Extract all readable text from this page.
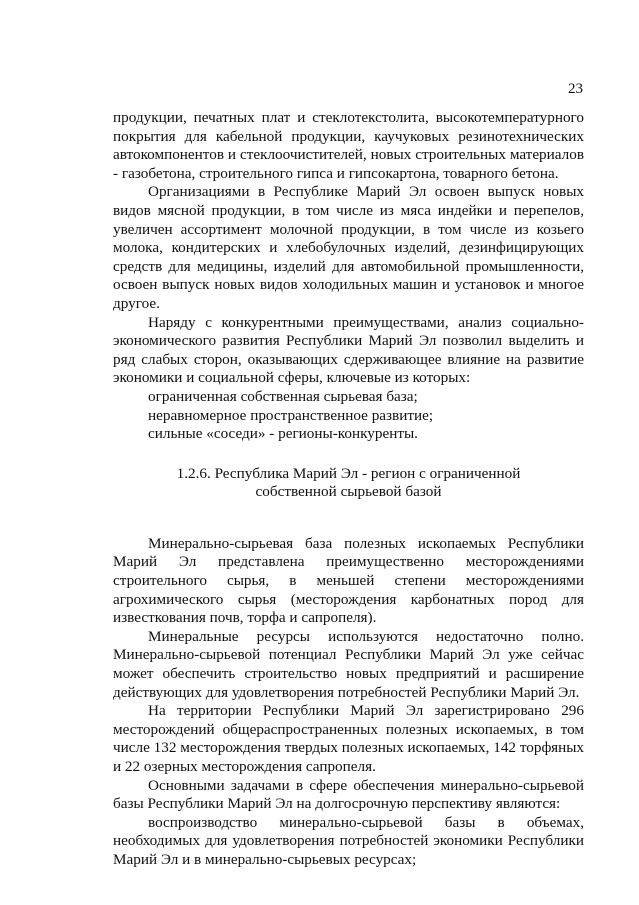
23

продукции, печатных плат и стеклотекстолита, высокотемпературного покрытия для кабельной продукции, каучуковых резинотехнических автокомпонентов и стеклоочистителей, новых строительных материалов - газобетона, строительного гипса и гипсокартона, товарного бетона.

Организациями в Республике Марий Эл освоен выпуск новых видов мясной продукции, в том числе из мяса индейки и перепелов, увеличен ассортимент молочной продукции, в том числе из козьего молока, кондитерских и хлебобулочных изделий, дезинфицирующих средств для медицины, изделий для автомобильной промышленности, освоен выпуск новых видов холодильных машин и установок и многое другое.

Наряду с конкурентными преимуществами, анализ социально-экономического развития Республики Марий Эл позволил выделить и ряд слабых сторон, оказывающих сдерживающее влияние на развитие экономики и социальной сферы, ключевые из которых:

ограниченная собственная сырьевая база;

неравномерное пространственное развитие;

сильные «соседи» - регионы-конкуренты.

1.2.6. Республика Марий Эл - регион с ограниченной
собственной сырьевой базой

Минерально-сырьевая база полезных ископаемых Республики Марий Эл представлена преимущественно месторождениями строительного сырья, в меньшей степени месторождениями агрохимического сырья (месторождения карбонатных пород для известкования почв, торфа и сапропеля).

Минеральные ресурсы используются недостаточно полно. Минерально-сырьевой потенциал Республики Марий Эл уже сейчас может обеспечить строительство новых предприятий и расширение действующих для удовлетворения потребностей Республики Марий Эл.

На территории Республики Марий Эл зарегистрировано 296 месторождений общераспространенных полезных ископаемых, в том числе 132 месторождения твердых полезных ископаемых, 142 торфяных и 22 озерных месторождения сапропеля.

Основными задачами в сфере обеспечения минерально-сырьевой базы Республики Марий Эл на долгосрочную перспективу являются:

воспроизводство минерально-сырьевой базы в объемах, необходимых для удовлетворения потребностей экономики Республики Марий Эл и в минерально-сырьевых ресурсах;
